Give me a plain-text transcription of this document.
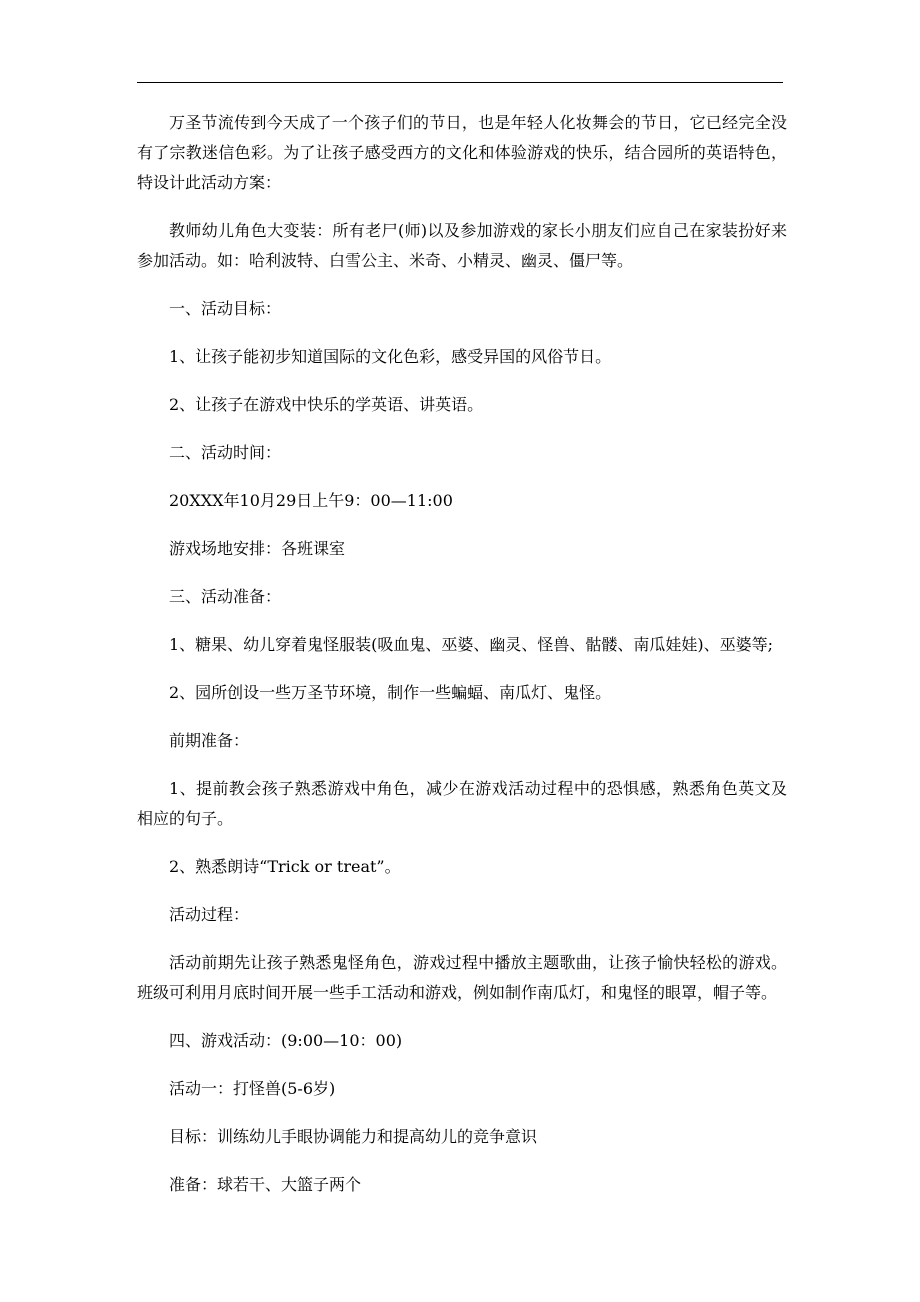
万圣节流传到今天成了一个孩子们的节日，也是年轻人化妆舞会的节日，它已经完全没有了宗教迷信色彩。为了让孩子感受西方的文化和体验游戏的快乐，结合园所的英语特色，特设计此活动方案：

教师幼儿角色大变装：所有老尸(师)以及参加游戏的家长小朋友们应自己在家装扮好来参加活动。如：哈利波特、白雪公主、米奇、小精灵、幽灵、僵尸等。

一、活动目标：

1、让孩子能初步知道国际的文化色彩，感受异国的风俗节日。

2、让孩子在游戏中快乐的学英语、讲英语。

二、活动时间：

20XXX年10月29日上午9：00—11:00

游戏场地安排：各班课室

三、活动准备：

1、糖果、幼儿穿着鬼怪服装(吸血鬼、巫婆、幽灵、怪兽、骷髅、南瓜娃娃)、巫婆等;

2、园所创设一些万圣节环境，制作一些蝙蝠、南瓜灯、鬼怪。

前期准备：

1、提前教会孩子熟悉游戏中角色，减少在游戏活动过程中的恐惧感，熟悉角色英文及相应的句子。

2、熟悉朗诗“Trick or treat”。

活动过程：

活动前期先让孩子熟悉鬼怪角色，游戏过程中播放主题歌曲，让孩子愉快轻松的游戏。班级可利用月底时间开展一些手工活动和游戏，例如制作南瓜灯，和鬼怪的眼罩，帽子等。

四、游戏活动：(9:00—10：00)

活动一：打怪兽(5-6岁)

目标：训练幼儿手眼协调能力和提高幼儿的竞争意识

准备：球若干、大篮子两个
